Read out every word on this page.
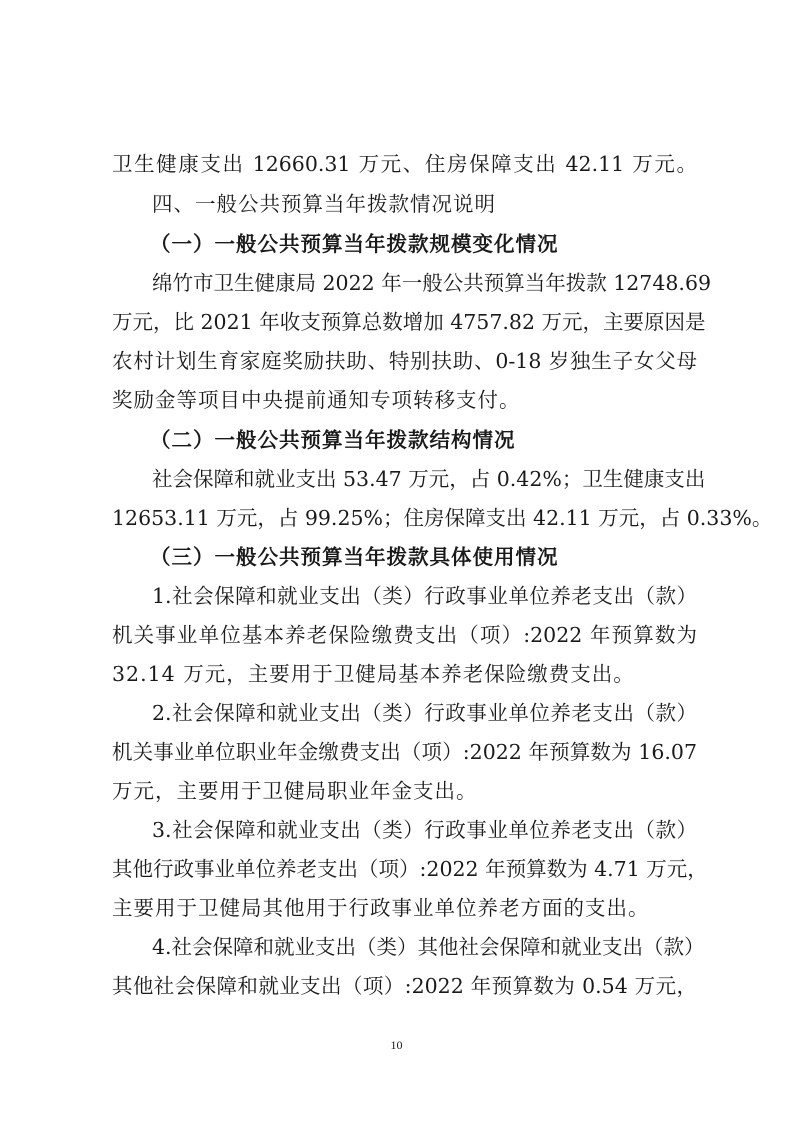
卫生健康支出 12660.31 万元、住房保障支出 42.11 万元。
四、一般公共预算当年拨款情况说明
（一）一般公共预算当年拨款规模变化情况
绵竹市卫生健康局 2022 年一般公共预算当年拨款 12748.69
万元，比 2021 年收支预算总数增加 4757.82 万元，主要原因是
农村计划生育家庭奖励扶助、特别扶助、0-18 岁独生子女父母
奖励金等项目中央提前通知专项转移支付。
（二）一般公共预算当年拨款结构情况
社会保障和就业支出 53.47 万元，占 0.42%；卫生健康支出
12653.11 万元，占 99.25%；住房保障支出 42.11 万元，占 0.33%。
（三）一般公共预算当年拨款具体使用情况
1.社会保障和就业支出（类）行政事业单位养老支出（款）
机关事业单位基本养老保险缴费支出（项）:2022 年预算数为
32.14 万元，主要用于卫健局基本养老保险缴费支出。
2.社会保障和就业支出（类）行政事业单位养老支出（款）
机关事业单位职业年金缴费支出（项）:2022 年预算数为 16.07
万元，主要用于卫健局职业年金支出。
3.社会保障和就业支出（类）行政事业单位养老支出（款）
其他行政事业单位养老支出（项）:2022 年预算数为 4.71 万元，
主要用于卫健局其他用于行政事业单位养老方面的支出。
4.社会保障和就业支出（类）其他社会保障和就业支出（款）
其他社会保障和就业支出（项）:2022 年预算数为 0.54 万元，
10
